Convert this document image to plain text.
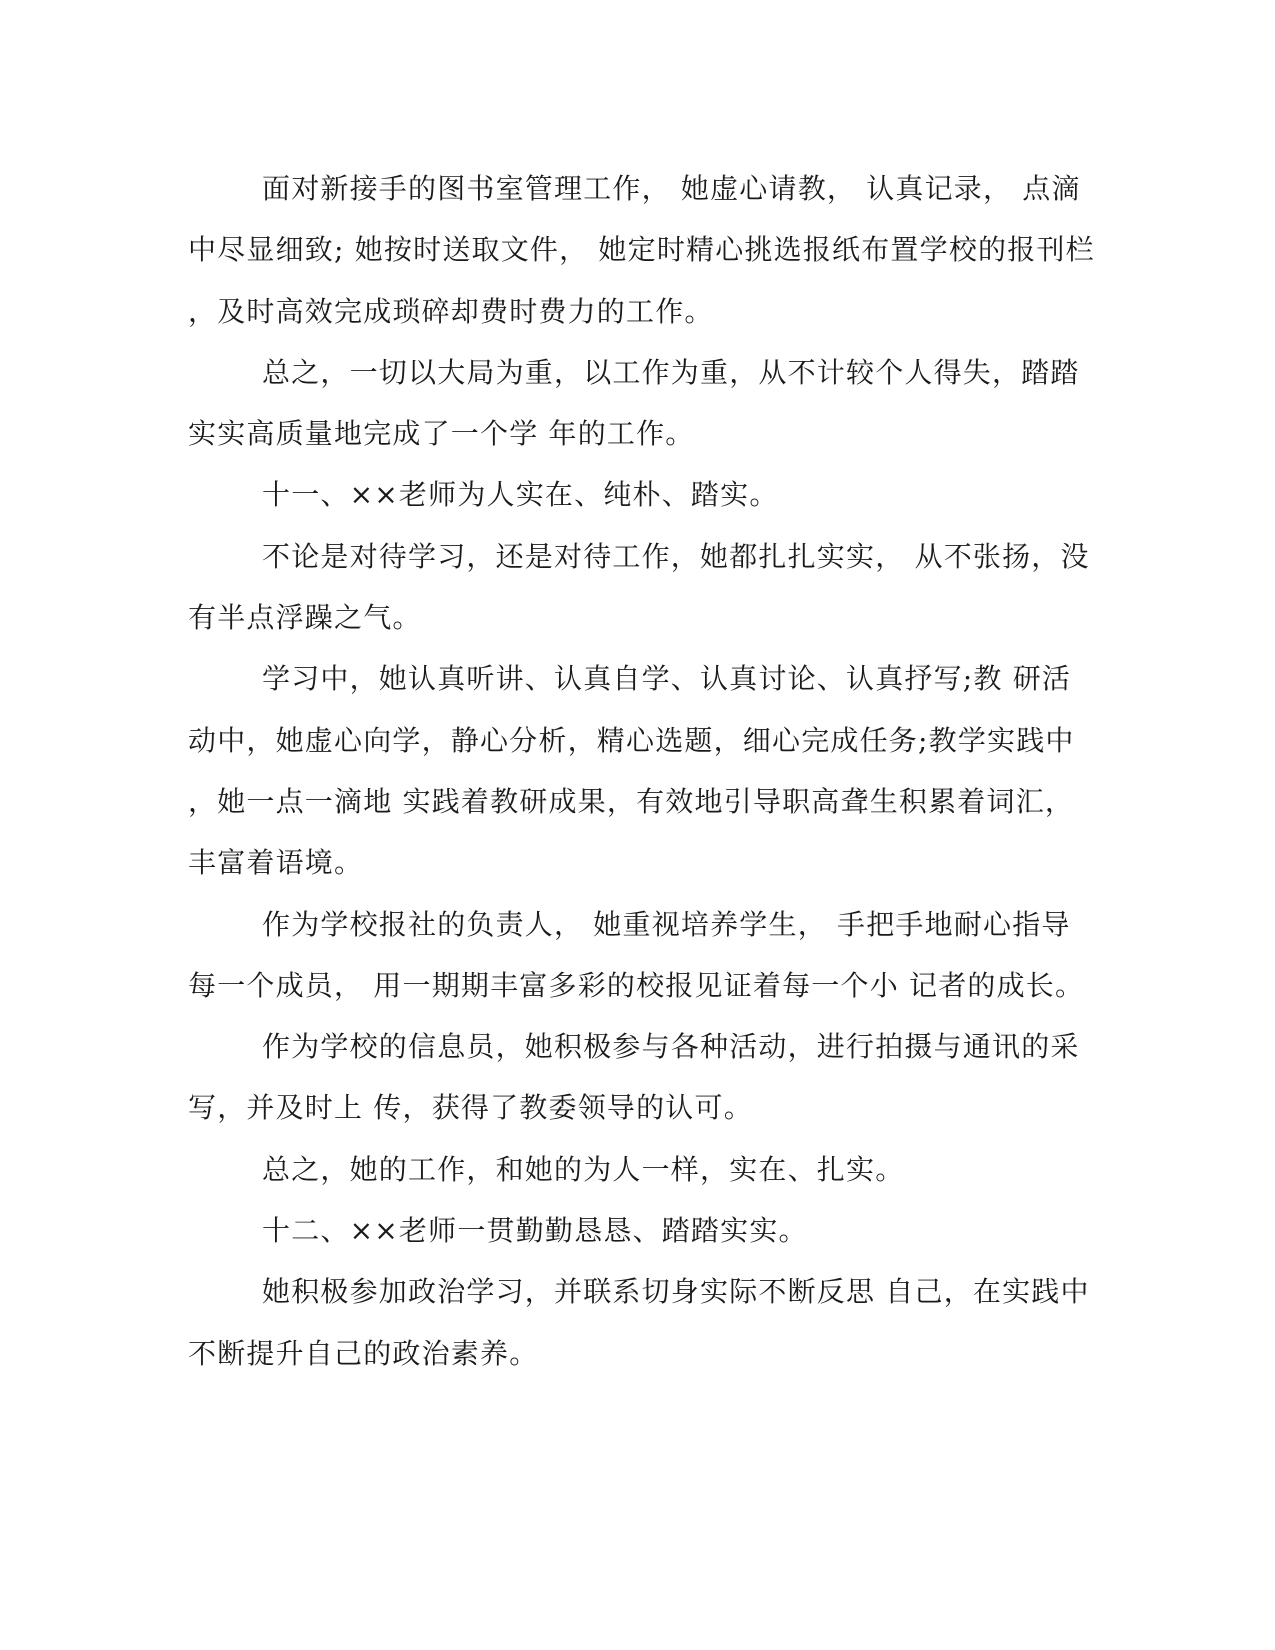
面对新接手的图书室管理工作， 她虚心请教， 认真记录， 点滴
中尽显细致; 她按时送取文件， 她定时精心挑选报纸布置学校的报刊栏
，及时高效完成琐碎却费时费力的工作。
总之，一切以大局为重，以工作为重，从不计较个人得失，踏踏
实实高质量地完成了一个学 年的工作。
十一、××老师为人实在、纯朴、踏实。
不论是对待学习，还是对待工作，她都扎扎实实， 从不张扬，没
有半点浮躁之气。
学习中，她认真听讲、认真自学、认真讨论、认真抒写;教 研活
动中，她虚心向学，静心分析，精心选题，细心完成任务;教学实践中
，她一点一滴地 实践着教研成果，有效地引导职高聋生积累着词汇，
丰富着语境。
作为学校报社的负责人， 她重视培养学生， 手把手地耐心指导
每一个成员， 用一期期丰富多彩的校报见证着每一个小 记者的成长。
作为学校的信息员，她积极参与各种活动，进行拍摄与通讯的采
写，并及时上 传，获得了教委领导的认可。
总之，她的工作，和她的为人一样，实在、扎实。
十二、××老师一贯勤勤恳恳、踏踏实实。
她积极参加政治学习，并联系切身实际不断反思 自己，在实践中
不断提升自己的政治素养。
